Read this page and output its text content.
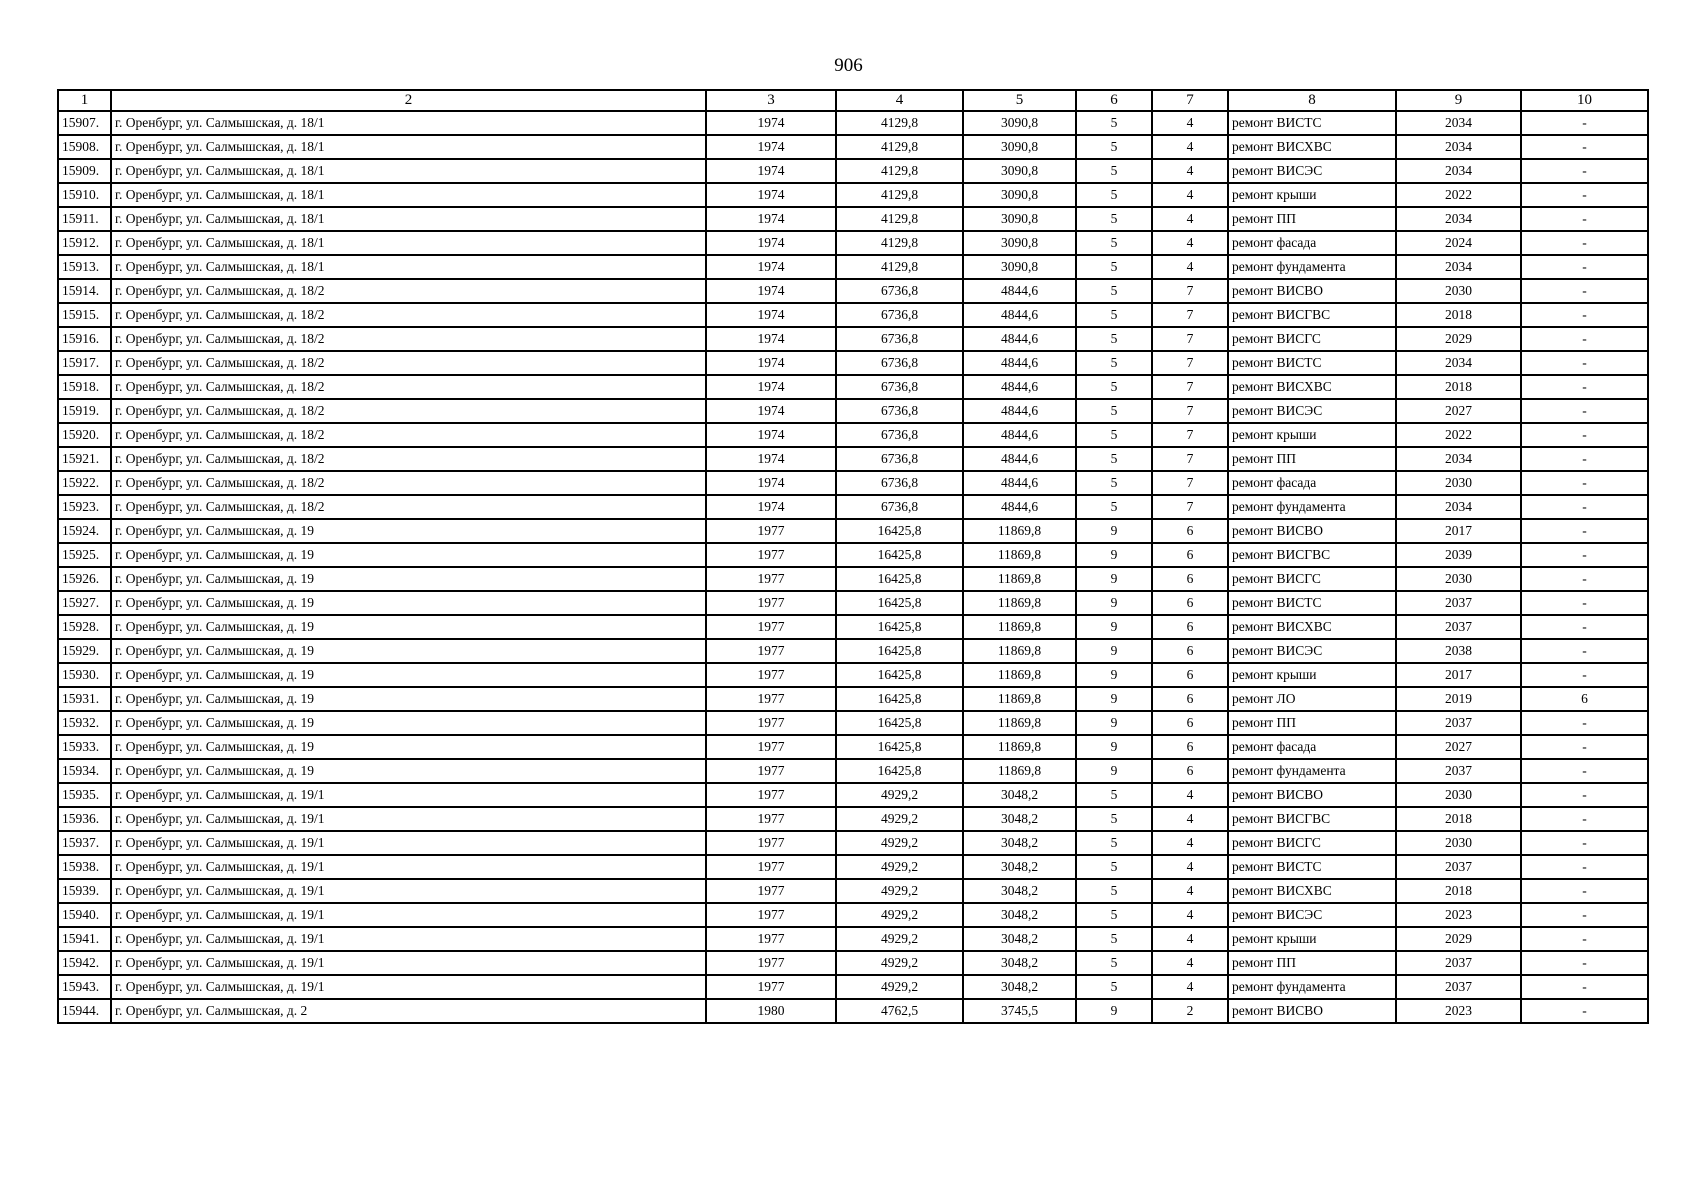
906
1	2	3	4	5	6	7	8	9	10
15907.	г. Оренбург, ул. Салмышская, д. 18/1	1974	4129,8	3090,8	5	4	ремонт ВИСТС	2034	-
15908.	г. Оренбург, ул. Салмышская, д. 18/1	1974	4129,8	3090,8	5	4	ремонт ВИСХВС	2034	-
15909.	г. Оренбург, ул. Салмышская, д. 18/1	1974	4129,8	3090,8	5	4	ремонт ВИСЭС	2034	-
15910.	г. Оренбург, ул. Салмышская, д. 18/1	1974	4129,8	3090,8	5	4	ремонт крыши	2022	-
15911.	г. Оренбург, ул. Салмышская, д. 18/1	1974	4129,8	3090,8	5	4	ремонт ПП	2034	-
15912.	г. Оренбург, ул. Салмышская, д. 18/1	1974	4129,8	3090,8	5	4	ремонт фасада	2024	-
15913.	г. Оренбург, ул. Салмышская, д. 18/1	1974	4129,8	3090,8	5	4	ремонт фундамента	2034	-
15914.	г. Оренбург, ул. Салмышская, д. 18/2	1974	6736,8	4844,6	5	7	ремонт ВИСВО	2030	-
15915.	г. Оренбург, ул. Салмышская, д. 18/2	1974	6736,8	4844,6	5	7	ремонт ВИСГВС	2018	-
15916.	г. Оренбург, ул. Салмышская, д. 18/2	1974	6736,8	4844,6	5	7	ремонт ВИСГС	2029	-
15917.	г. Оренбург, ул. Салмышская, д. 18/2	1974	6736,8	4844,6	5	7	ремонт ВИСТС	2034	-
15918.	г. Оренбург, ул. Салмышская, д. 18/2	1974	6736,8	4844,6	5	7	ремонт ВИСХВС	2018	-
15919.	г. Оренбург, ул. Салмышская, д. 18/2	1974	6736,8	4844,6	5	7	ремонт ВИСЭС	2027	-
15920.	г. Оренбург, ул. Салмышская, д. 18/2	1974	6736,8	4844,6	5	7	ремонт крыши	2022	-
15921.	г. Оренбург, ул. Салмышская, д. 18/2	1974	6736,8	4844,6	5	7	ремонт ПП	2034	-
15922.	г. Оренбург, ул. Салмышская, д. 18/2	1974	6736,8	4844,6	5	7	ремонт фасада	2030	-
15923.	г. Оренбург, ул. Салмышская, д. 18/2	1974	6736,8	4844,6	5	7	ремонт фундамента	2034	-
15924.	г. Оренбург, ул. Салмышская, д. 19	1977	16425,8	11869,8	9	6	ремонт ВИСВО	2017	-
15925.	г. Оренбург, ул. Салмышская, д. 19	1977	16425,8	11869,8	9	6	ремонт ВИСГВС	2039	-
15926.	г. Оренбург, ул. Салмышская, д. 19	1977	16425,8	11869,8	9	6	ремонт ВИСГС	2030	-
15927.	г. Оренбург, ул. Салмышская, д. 19	1977	16425,8	11869,8	9	6	ремонт ВИСТС	2037	-
15928.	г. Оренбург, ул. Салмышская, д. 19	1977	16425,8	11869,8	9	6	ремонт ВИСХВС	2037	-
15929.	г. Оренбург, ул. Салмышская, д. 19	1977	16425,8	11869,8	9	6	ремонт ВИСЭС	2038	-
15930.	г. Оренбург, ул. Салмышская, д. 19	1977	16425,8	11869,8	9	6	ремонт крыши	2017	-
15931.	г. Оренбург, ул. Салмышская, д. 19	1977	16425,8	11869,8	9	6	ремонт ЛО	2019	6
15932.	г. Оренбург, ул. Салмышская, д. 19	1977	16425,8	11869,8	9	6	ремонт ПП	2037	-
15933.	г. Оренбург, ул. Салмышская, д. 19	1977	16425,8	11869,8	9	6	ремонт фасада	2027	-
15934.	г. Оренбург, ул. Салмышская, д. 19	1977	16425,8	11869,8	9	6	ремонт фундамента	2037	-
15935.	г. Оренбург, ул. Салмышская, д. 19/1	1977	4929,2	3048,2	5	4	ремонт ВИСВО	2030	-
15936.	г. Оренбург, ул. Салмышская, д. 19/1	1977	4929,2	3048,2	5	4	ремонт ВИСГВС	2018	-
15937.	г. Оренбург, ул. Салмышская, д. 19/1	1977	4929,2	3048,2	5	4	ремонт ВИСГС	2030	-
15938.	г. Оренбург, ул. Салмышская, д. 19/1	1977	4929,2	3048,2	5	4	ремонт ВИСТС	2037	-
15939.	г. Оренбург, ул. Салмышская, д. 19/1	1977	4929,2	3048,2	5	4	ремонт ВИСХВС	2018	-
15940.	г. Оренбург, ул. Салмышская, д. 19/1	1977	4929,2	3048,2	5	4	ремонт ВИСЭС	2023	-
15941.	г. Оренбург, ул. Салмышская, д. 19/1	1977	4929,2	3048,2	5	4	ремонт крыши	2029	-
15942.	г. Оренбург, ул. Салмышская, д. 19/1	1977	4929,2	3048,2	5	4	ремонт ПП	2037	-
15943.	г. Оренбург, ул. Салмышская, д. 19/1	1977	4929,2	3048,2	5	4	ремонт фундамента	2037	-
15944.	г. Оренбург, ул. Салмышская, д. 2	1980	4762,5	3745,5	9	2	ремонт ВИСВО	2023	-
